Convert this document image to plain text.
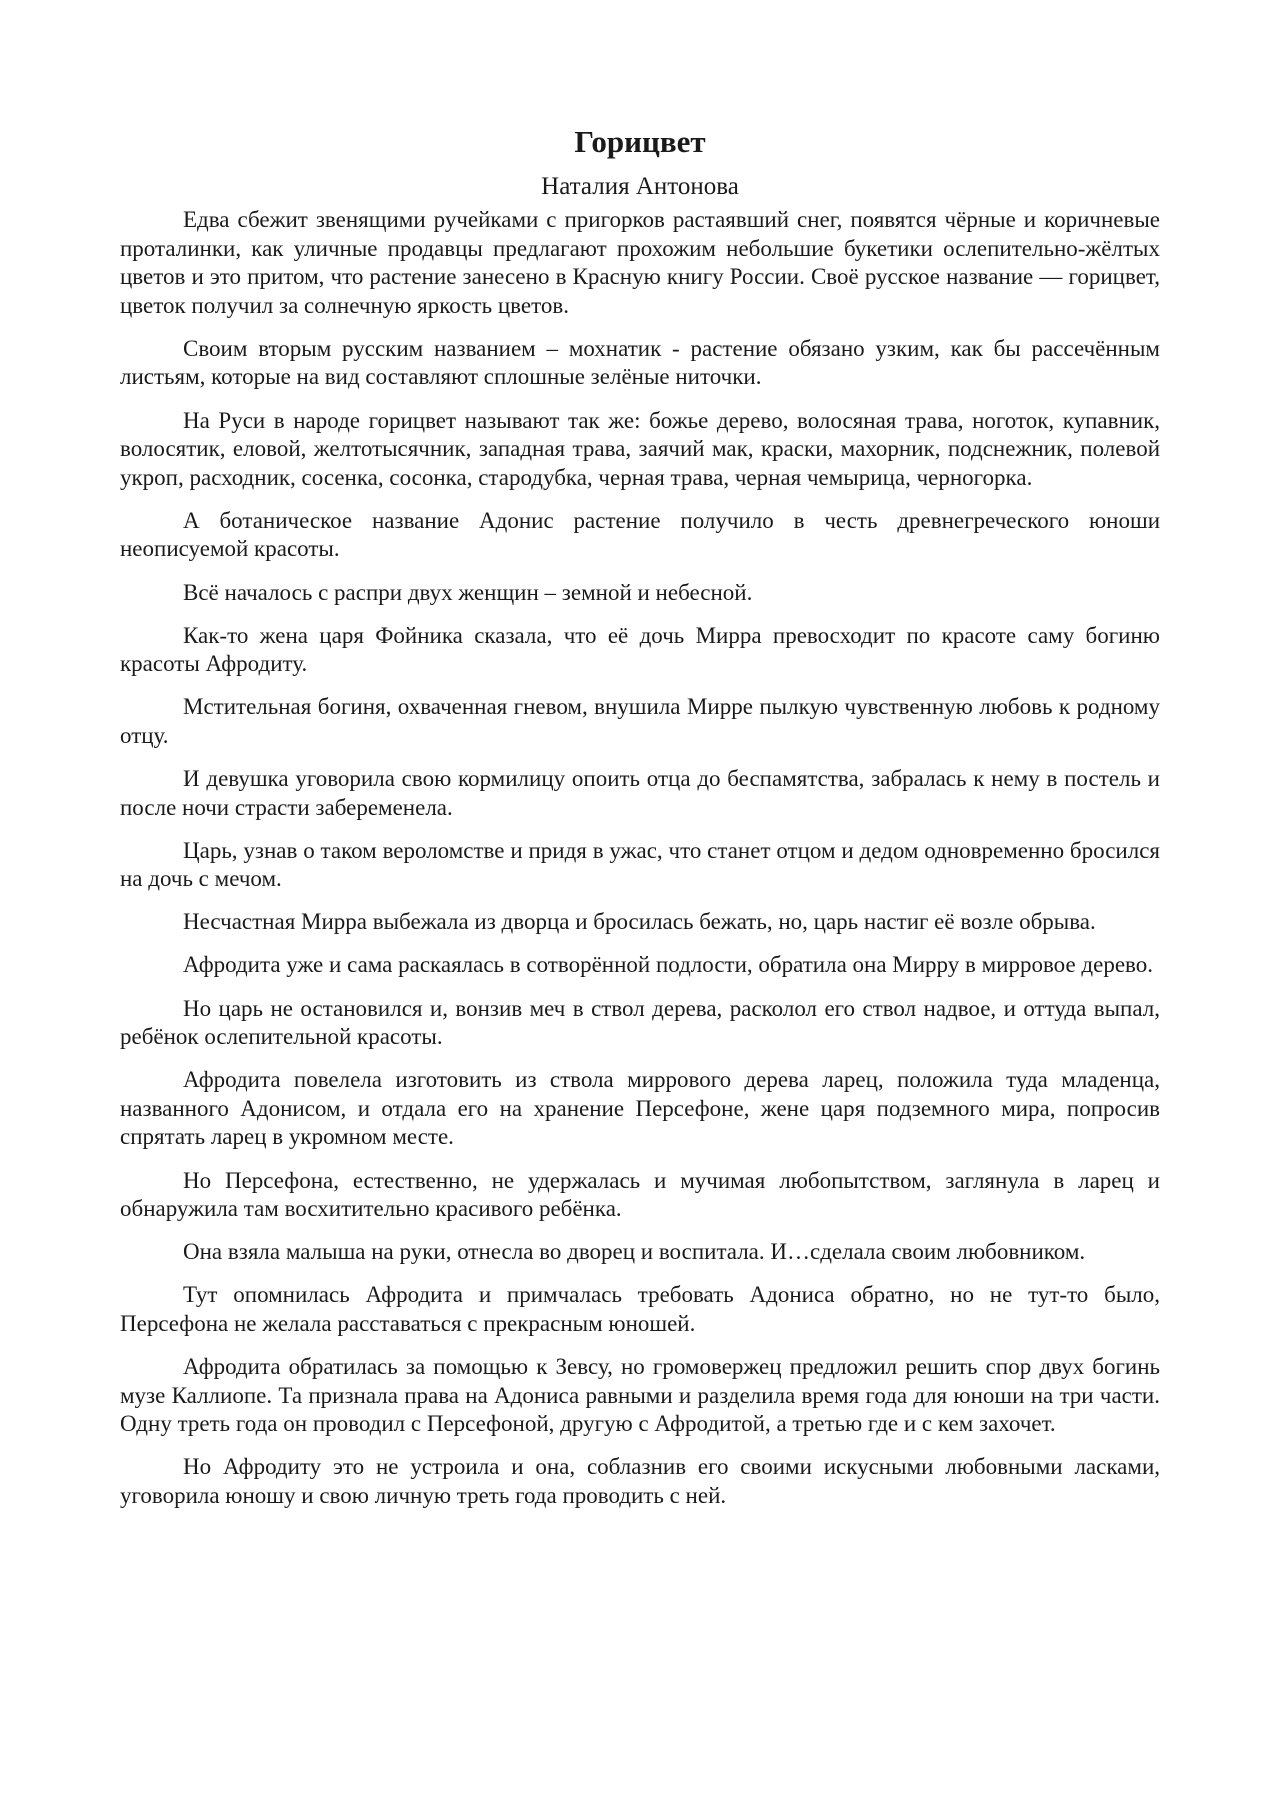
Горицвет
Наталия Антонова

Едва сбежит звенящими ручейками с пригорков растаявший снег, появятся чёрные и коричневые проталинки, как уличные продавцы предлагают прохожим небольшие букетики ослепительно-жёлтых цветов и это притом, что растение занесено в Красную книгу России. Своё русское название — горицвет, цветок получил за солнечную яркость цветов.

Своим вторым русским названием – мохнатик - растение обязано узким, как бы рассечённым листьям, которые на вид составляют сплошные зелёные ниточки.

На Руси в народе горицвет называют так же: божье дерево, волосяная трава, ноготок, купавник, волосятик, еловой, желтотысячник, западная трава, заячий мак, краски, махорник, подснежник, полевой укроп, расходник, сосенка, сосонка, стародубка, черная трава, черная чемырица, черногорка.

А ботаническое название Адонис растение получило в честь древнегреческого юноши неописуемой красоты.

Всё началось с распри двух женщин – земной и небесной.

Как-то жена царя Фойника сказала, что её дочь Мирра превосходит по красоте саму богиню красоты Афродиту.

Мстительная богиня, охваченная гневом, внушила Мирре пылкую чувственную любовь к родному отцу.

И девушка уговорила свою кормилицу опоить отца до беспамятства, забралась к нему в постель и после ночи страсти забеременела.

Царь, узнав о таком вероломстве и придя в ужас, что станет отцом и дедом одновременно бросился на дочь с мечом.

Несчастная Мирра выбежала из дворца и бросилась бежать, но, царь настиг её возле обрыва.

Афродита уже и сама раскаялась в сотворённой подлости, обратила она Мирру в мирровое дерево.

Но царь не остановился и, вонзив меч в ствол дерева, расколол его ствол надвое, и оттуда выпал, ребёнок ослепительной красоты.

Афродита повелела изготовить из ствола миррового дерева ларец, положила туда младенца, названного Адонисом, и отдала его на хранение Персефоне, жене царя подземного мира, попросив спрятать ларец в укромном месте.

Но Персефона, естественно, не удержалась и мучимая любопытством, заглянула в ларец и обнаружила там восхитительно красивого ребёнка.

Она взяла малыша на руки, отнесла во дворец и воспитала. И…сделала своим любовником.

Тут опомнилась Афродита и примчалась требовать Адониса обратно, но не тут-то было, Персефона не желала расставаться с прекрасным юношей.

Афродита обратилась за помощью к Зевсу, но громовержец предложил решить спор двух богинь музе Каллиопе. Та признала права на Адониса равными и разделила время года для юноши на три части. Одну треть года он проводил с Персефоной, другую с Афродитой, а третью где и с кем захочет.

Но Афродиту это не устроила и она, соблазнив его своими искусными любовными ласками, уговорила юношу и свою личную треть года проводить с ней.
